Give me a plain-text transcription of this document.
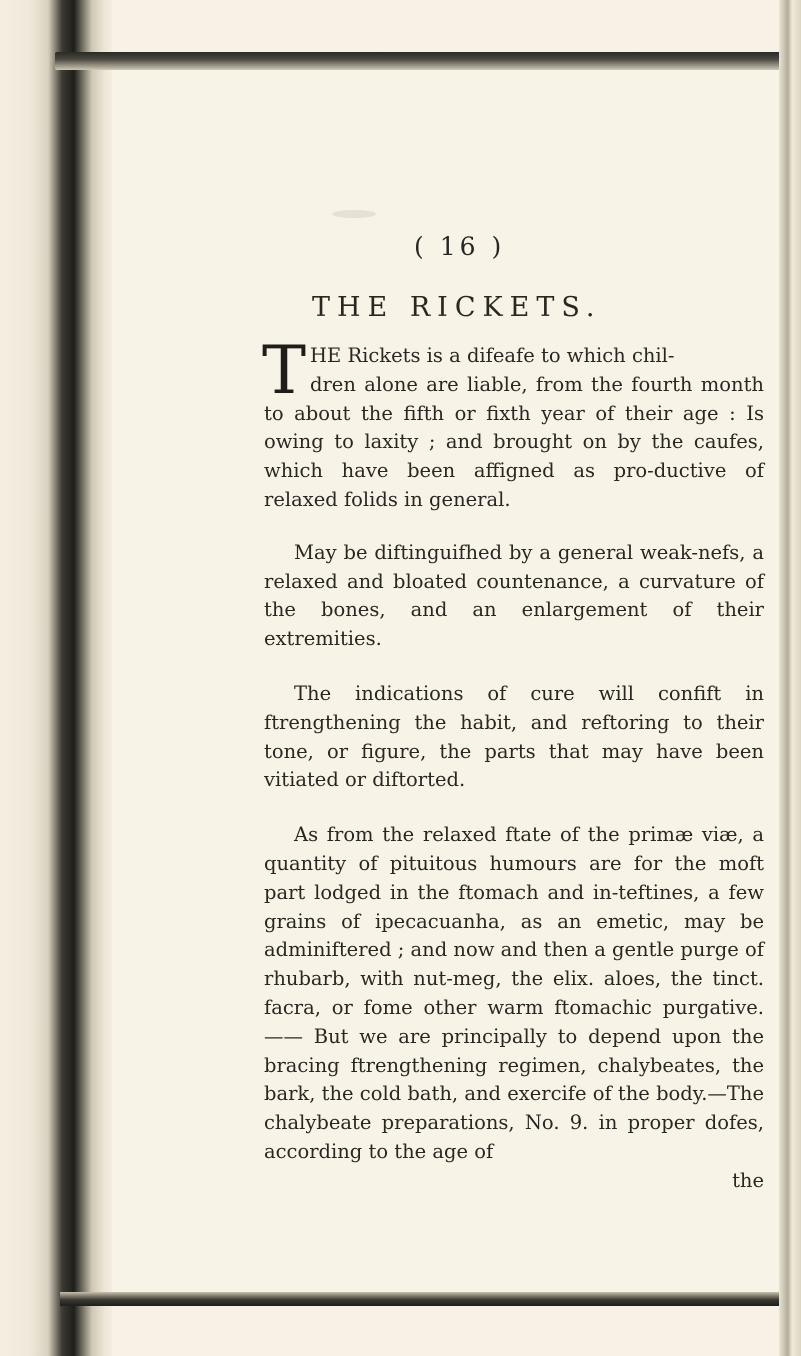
( 16 )
THE RICKETS.

T HE Rickets is a difeafe to which chil-
dren alone are liable, from the fourth month to about the fifth or fixth year of their age : Is owing to laxity ; and brought on by the caufes, which have been affigned as pro-ductive of relaxed folids in general.

May be diftinguifhed by a general weak-nefs, a relaxed and bloated countenance, a curvature of the bones, and an enlargement of their extremities.

The indications of cure will confift in ftrengthening the habit, and reftoring to their tone, or figure, the parts that may have been vitiated or diftorted.

As from the relaxed ftate of the primæ viæ, a quantity of pituitous humours are for the moft part lodged in the ftomach and in-teftines, a few grains of ipecacuanha, as an emetic, may be adminiftered ; and now and then a gentle purge of rhubarb, with nut-meg, the elix. aloes, the tinct. facra, or fome other warm ftomachic purgative. —— But we are principally to depend upon the bracing ftrengthening regimen, chalybeates, the bark, the cold bath, and exercife of the body.—The chalybeate preparations, No. 9. in proper dofes, according to the age of

the
